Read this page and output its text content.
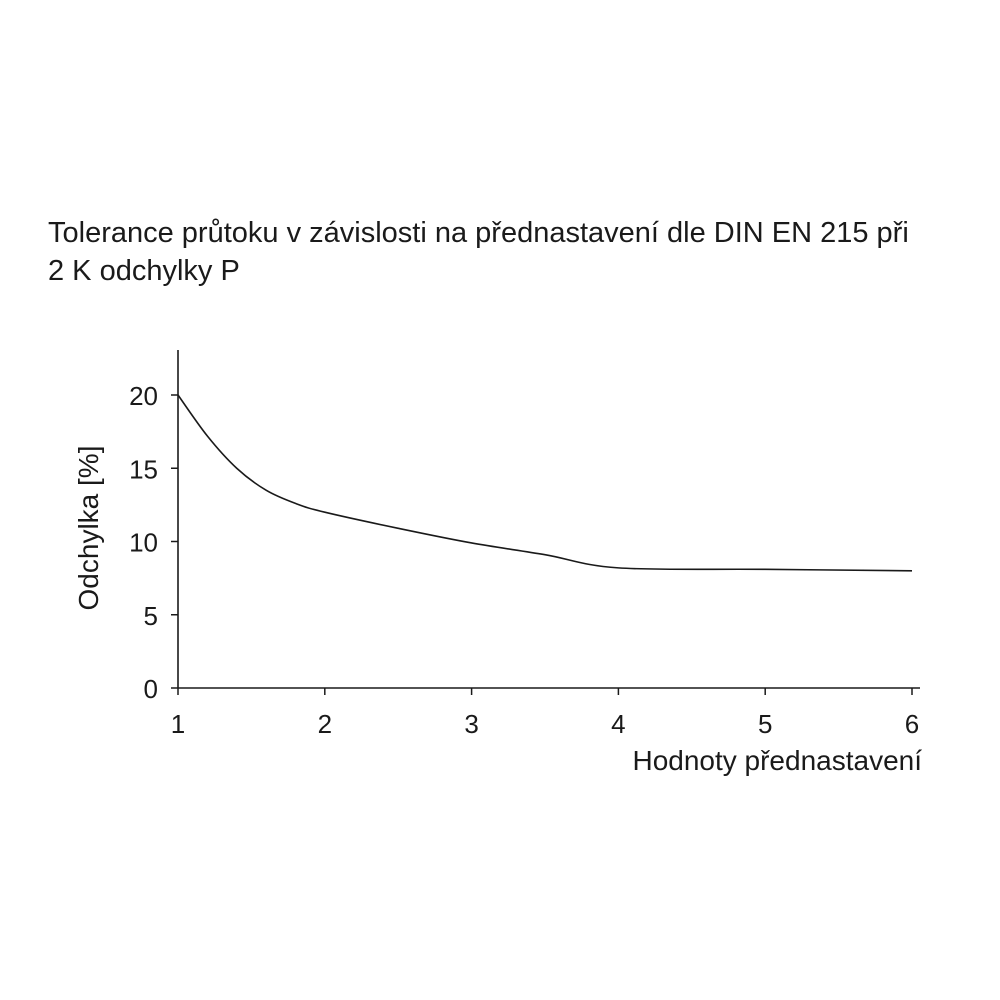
Tolerance průtoku v závislosti na přednastavení dle DIN EN 215 při
2 K odchylky P
0
5
10
15
20
1	2	3	4	5	6
Hodnoty přednastavení
Odchylka [%]
